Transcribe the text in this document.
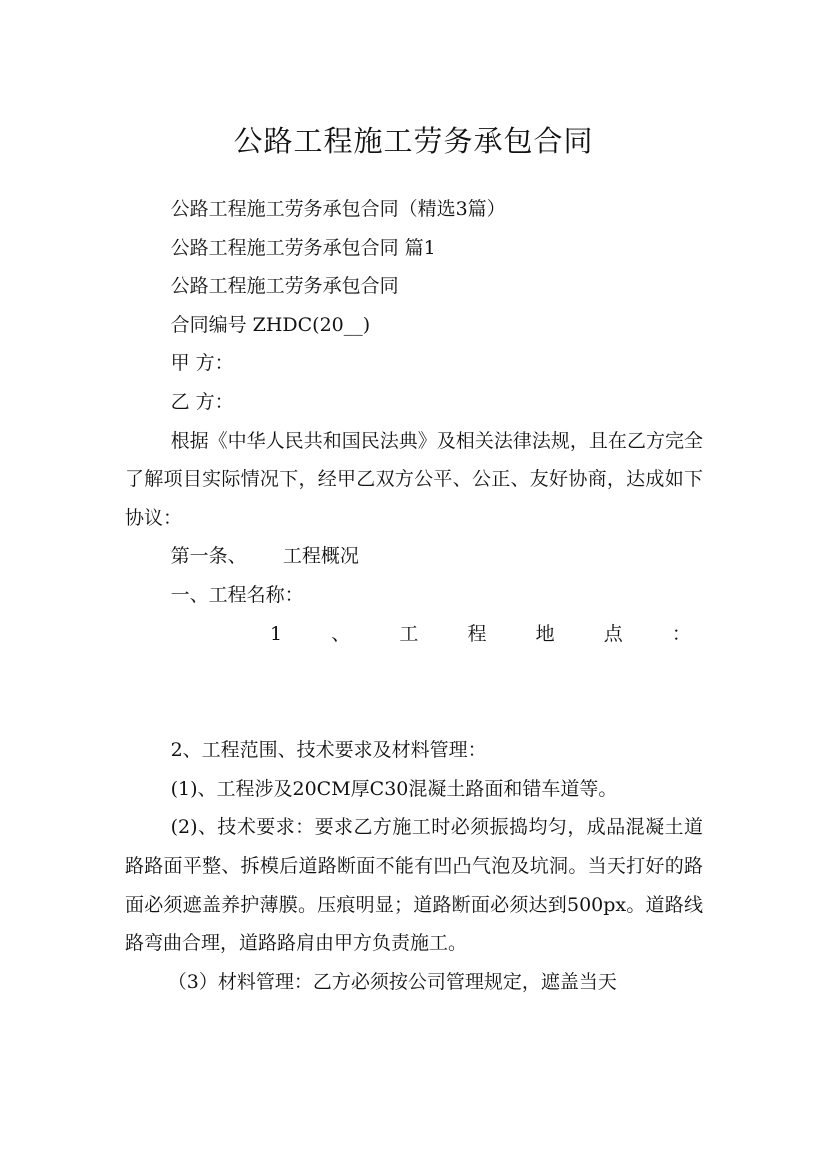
公路工程施工劳务承包合同

公路工程施工劳务承包合同（精选3篇）

公路工程施工劳务承包合同 篇1

公路工程施工劳务承包合同

合同编号 ZHDC(20__)

甲 方：

乙 方：

根据《中华人民共和国民法典》及相关法律法规，且在乙方完全了解项目实际情况下，经甲乙双方公平、公正、友好协商，达成如下协议：

第一条、 工程概况

一、工程名称：

1	、	工	程	地	点	：

2、工程范围、技术要求及材料管理：

(1)、工程涉及20CM厚C30混凝土路面和错车道等。

(2)、技术要求：要求乙方施工时必须振捣均匀，成品混凝土道路路面平整、拆模后道路断面不能有凹凸气泡及坑洞。当天打好的路面必须遮盖养护薄膜。压痕明显；道路断面必须达到500px。道路线路弯曲合理，道路路肩由甲方负责施工。

（3）材料管理：乙方必须按公司管理规定，遮盖当天
